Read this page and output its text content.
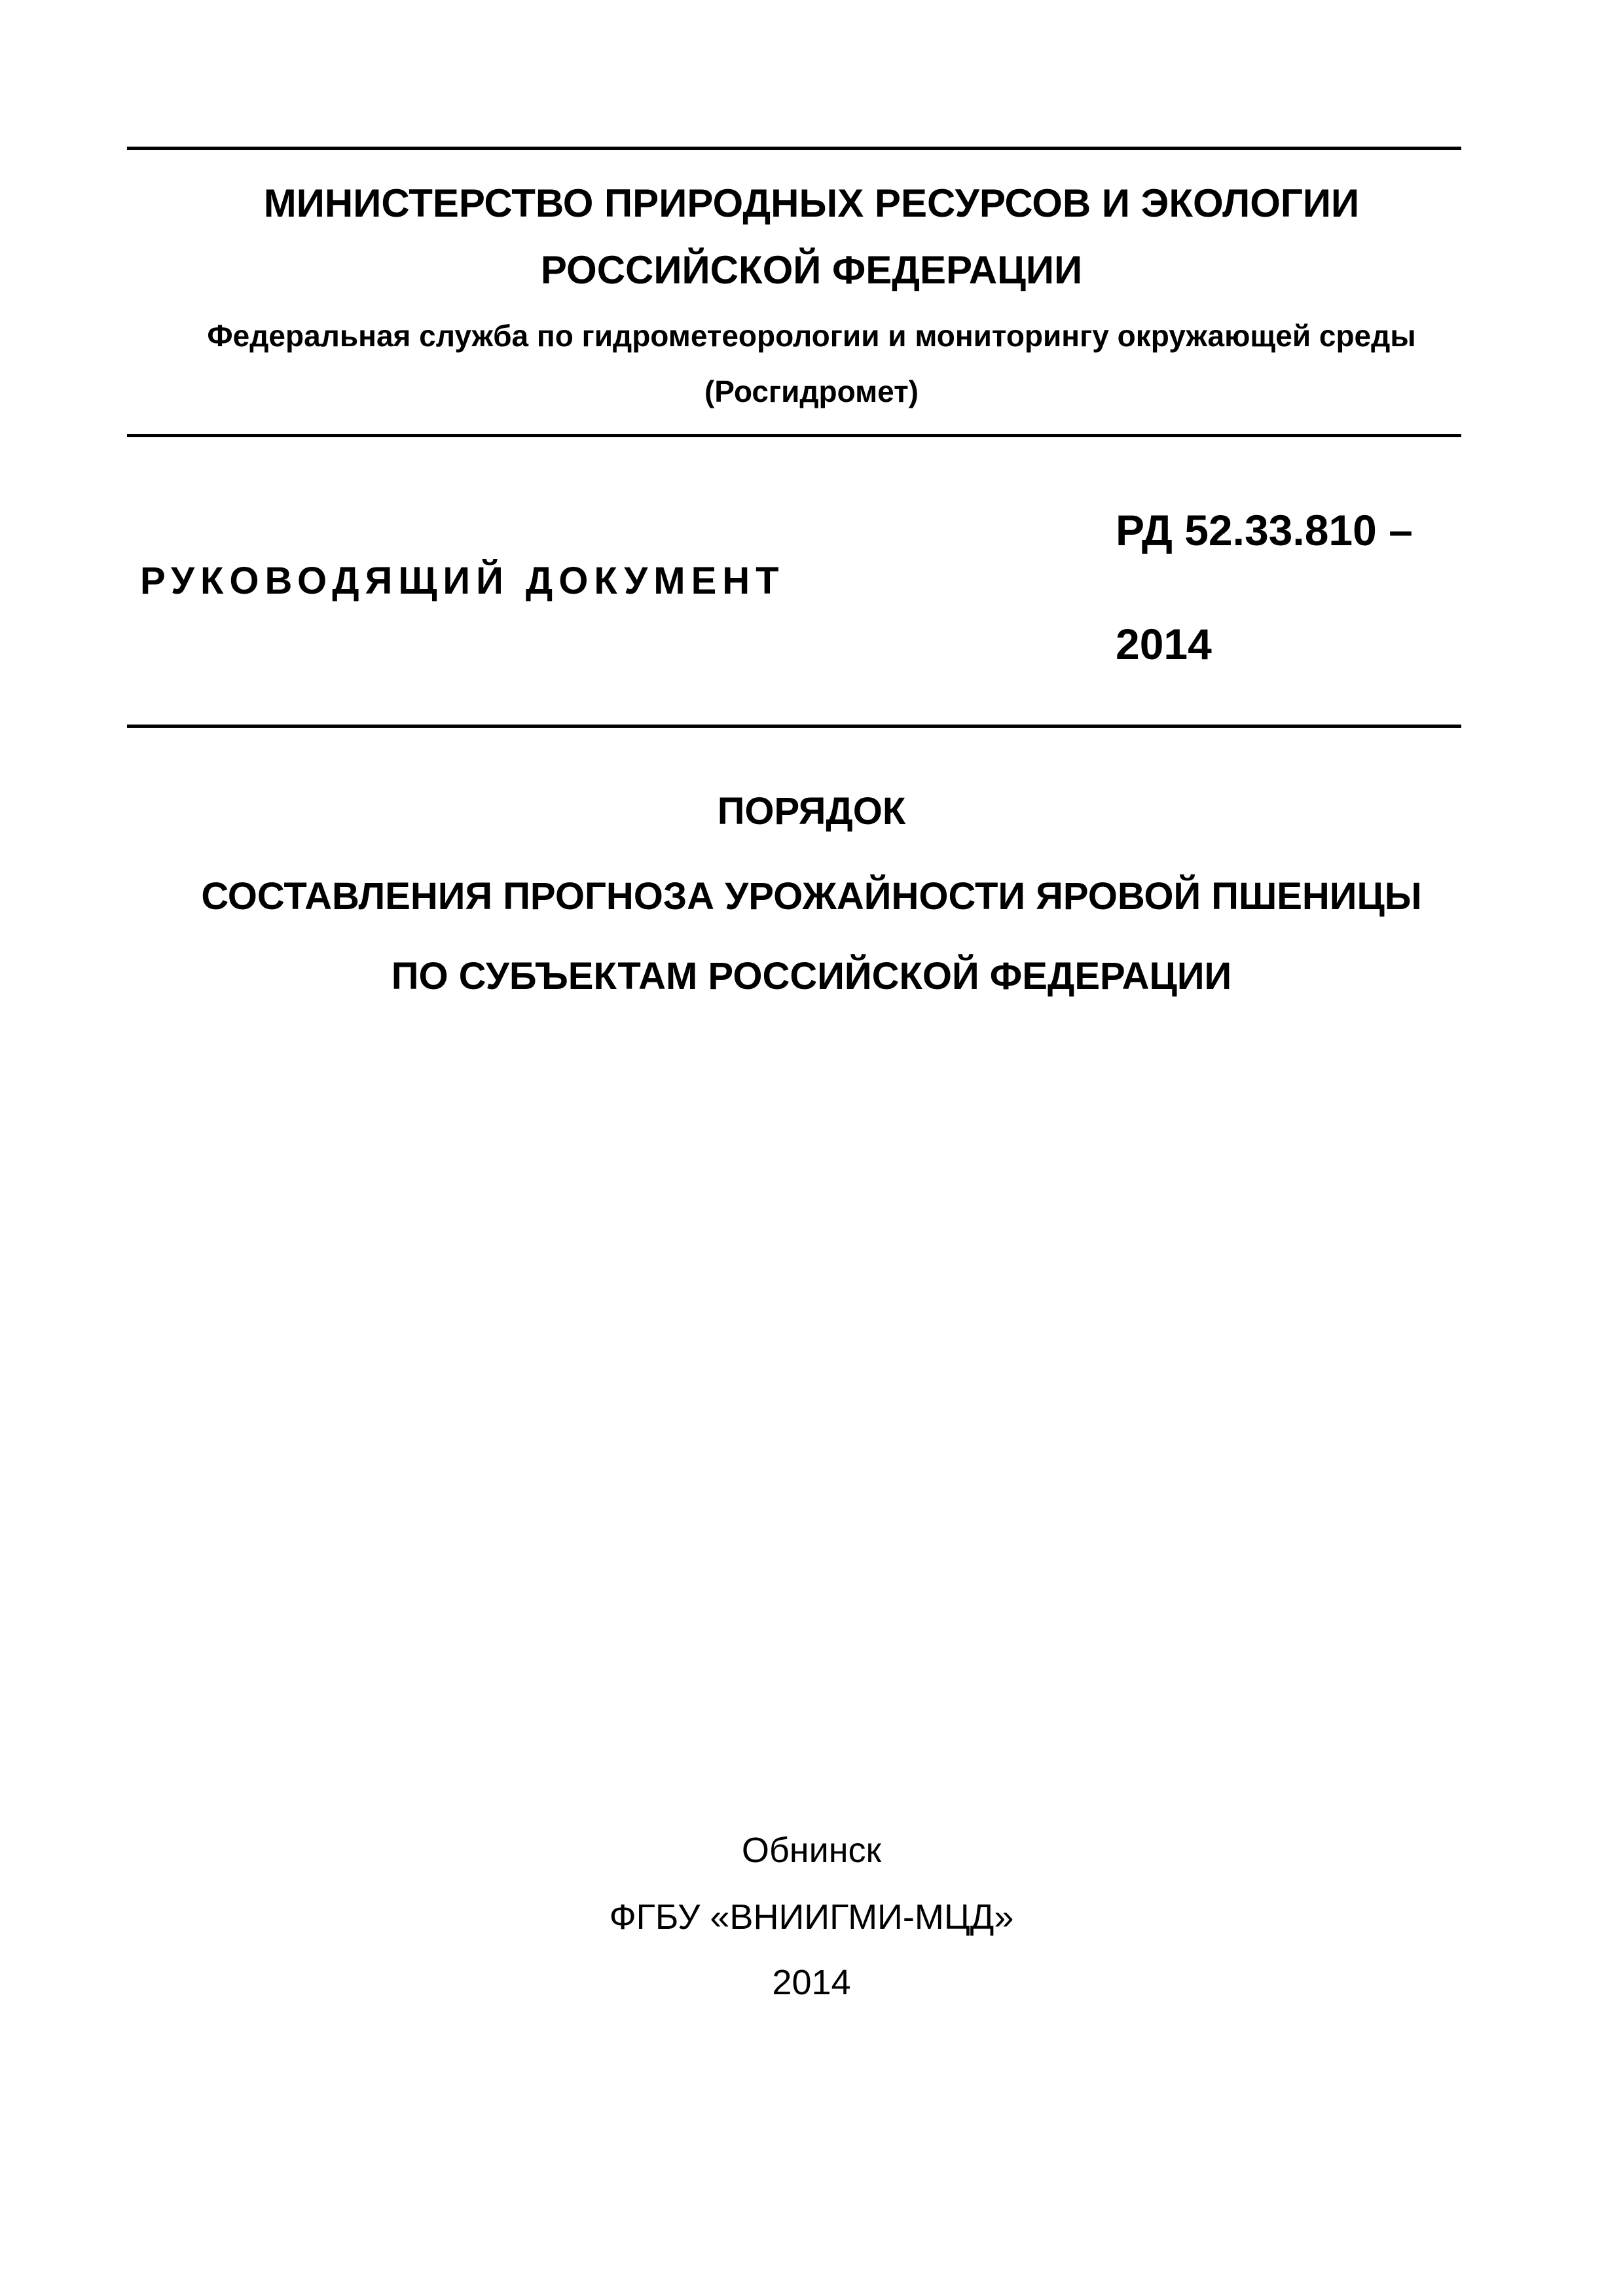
МИНИСТЕРСТВО ПРИРОДНЫХ РЕСУРСОВ И ЭКОЛОГИИ
РОССИЙСКОЙ ФЕДЕРАЦИИ
Федеральная служба по гидрометеорологии и мониторингу окружающей среды
(Росгидромет)
РУКОВОДЯЩИЙ ДОКУМЕНТ
РД 52.33.810 –
2014
ПОРЯДОК
СОСТАВЛЕНИЯ ПРОГНОЗА УРОЖАЙНОСТИ ЯРОВОЙ ПШЕНИЦЫ
ПО СУБЪЕКТАМ РОССИЙСКОЙ ФЕДЕРАЦИИ
Обнинск
ФГБУ «ВНИИГМИ-МЦД»
2014
